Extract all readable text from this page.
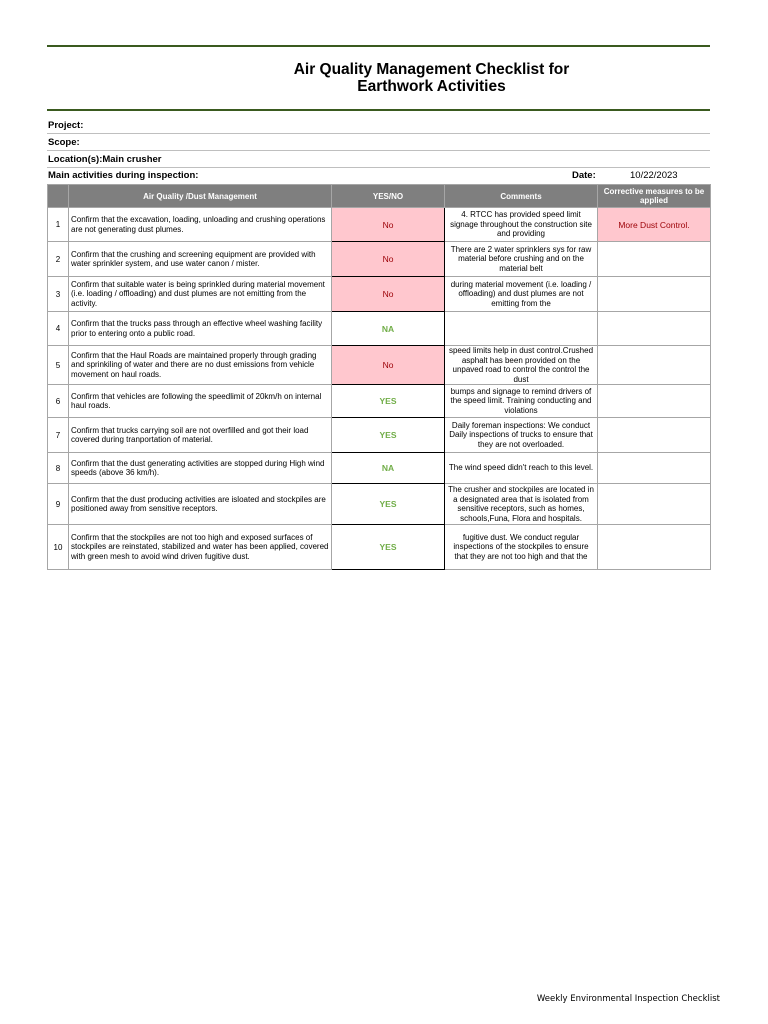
Air Quality Management Checklist for
Earthwork Activities
Project:
Scope:
Location(s):Main crusher
Main activities during inspection:	Date:	10/22/2023
	Air Quality /Dust Management	YES/NO	Comments	Corrective measures to be applied
1	Confirm that the excavation, loading, unloading and crushing operations are not generating dust plumes.	No	4. RTCC has provided speed limit signage throughout the construction site and providing	More Dust Control.
2	Confirm that the crushing and screening equipment are provided with water sprinkler system, and use water canon / mister.	No	There are 2 water sprinklers sys for raw material before crushing and on the material belt	
3	Confirm that suitable water is being sprinkled during material movement (i.e. loading / offloading) and dust plumes are not emitting from the activity.	No	during material movement (i.e. loading / offloading) and dust plumes are not emitting from the	
4	Confirm that the trucks pass through an effective wheel washing facility prior to entering onto a public road.	NA		
5	Confirm that the Haul Roads are maintained properly through grading and sprinkiling of water and there are no dust emissions from vehicle movement on haul roads.	No	speed limits help in dust control.Crushed asphalt has been provided on the unpaved road to control the control the dust	
6	Confirm that vehicles are following the speedlimit of 20km/h on internal haul roads.	YES	bumps and signage to remind drivers of the speed limit. Training conducting and violations	
7	Confirm that trucks carrying soil are not overfilled and got their load covered during tranportation of material.	YES	Daily foreman inspections: We conduct Daily inspections of trucks to ensure that they are not overloaded.	
8	Confirm that the dust generating activities are stopped during High wind speeds (above 36 km/h).	NA	The wind speed didn't reach to this level.	
9	Confirm that the dust producing activities are isloated and stockpiles are positioned away from sensitive receptors.	YES	The crusher and stockpiles are located in a designated area that is isolated from sensitive receptors, such as homes, schools,Funa, Flora and hospitals.	
10	Confirm that the stockpiles are not too high and exposed surfaces of stockpiles are reinstated, stabilized and water has been applied, covered with green mesh to avoid wind driven fugitive dust.	YES	fugitive dust. We conduct regular inspections of the stockpiles to ensure that they are not too high and that the	
Weekly Environmental Inspection Checklist
